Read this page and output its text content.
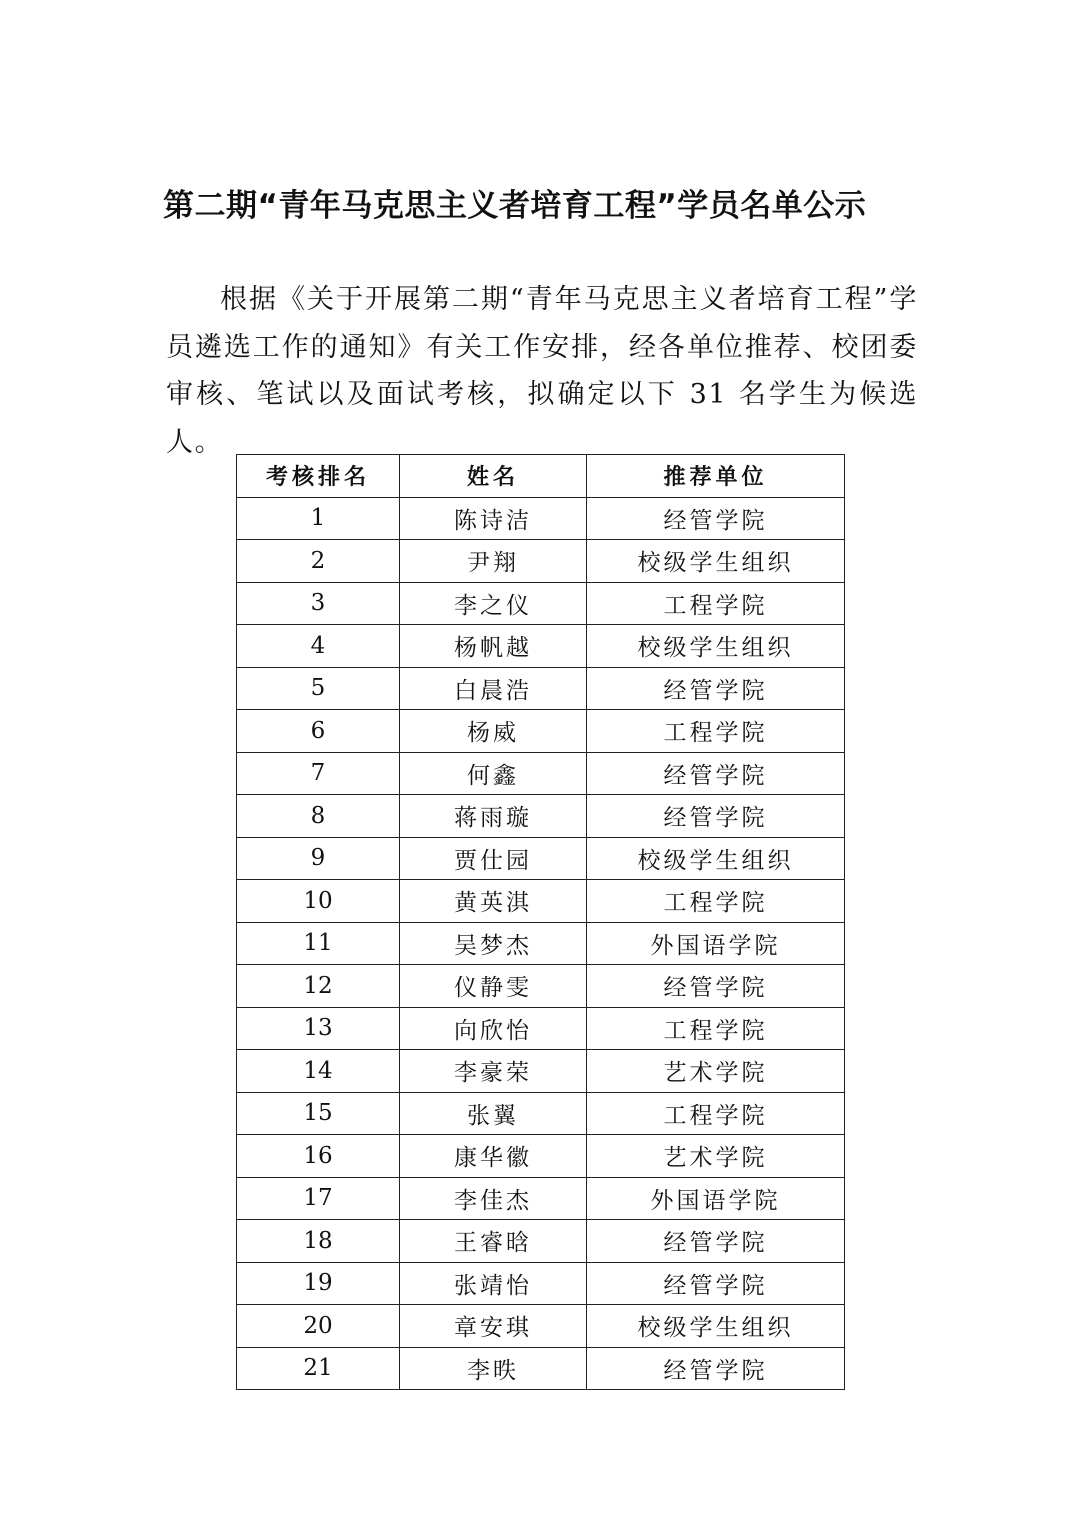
第二期“青年马克思主义者培育工程”学员名单公示

根据《关于开展第二期“青年马克思主义者培育工程”学员遴选工作的通知》有关工作安排，经各单位推荐、校团委审核、笔试以及面试考核，拟确定以下 31 名学生为候选人。

考核排名	姓名	推荐单位
1	陈诗洁	经管学院
2	尹翔	校级学生组织
3	李之仪	工程学院
4	杨帆越	校级学生组织
5	白晨浩	经管学院
6	杨威	工程学院
7	何鑫	经管学院
8	蒋雨璇	经管学院
9	贾仕园	校级学生组织
10	黄英淇	工程学院
11	吴梦杰	外国语学院
12	仪静雯	经管学院
13	向欣怡	工程学院
14	李豪荣	艺术学院
15	张翼	工程学院
16	康华徽	艺术学院
17	李佳杰	外国语学院
18	王睿晗	经管学院
19	张靖怡	经管学院
20	章安琪	校级学生组织
21	李昳	经管学院
